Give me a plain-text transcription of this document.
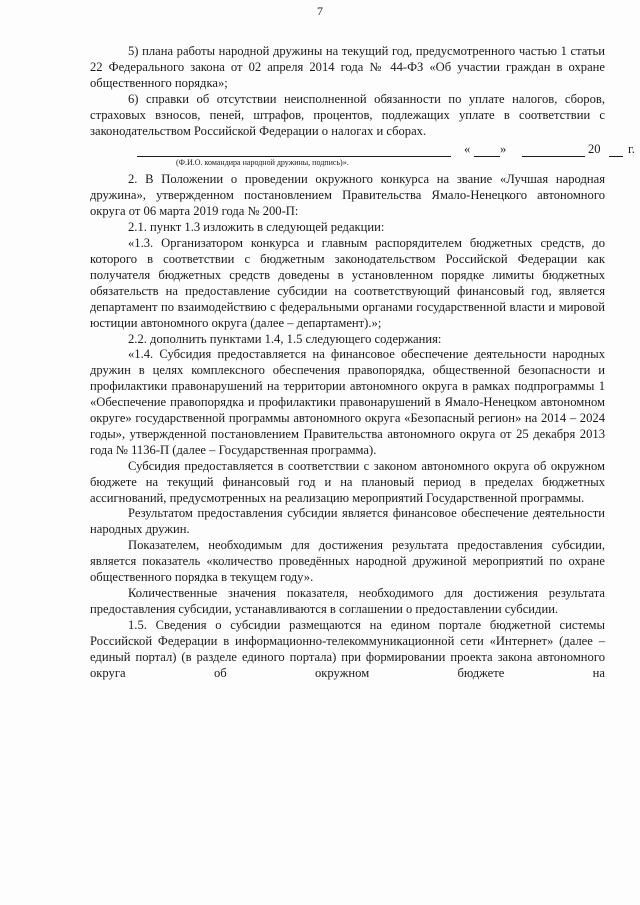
7

5) плана работы народной дружины на текущий год, предусмотренного частью 1 статьи 22 Федерального закона от 02 апреля 2014 года № 44-ФЗ «Об участии граждан в охране общественного порядка»;

6) справки об отсутствии неисполненной обязанности по уплате налогов, сборов, страховых взносов, пеней, штрафов, процентов, подлежащих уплате в соответствии с законодательством Российской Федерации о налогах и сборах.

« »	20 г.
(Ф.И.О. командира народной дружины, подпись)».

2. В Положении о проведении окружного конкурса на звание «Лучшая народная дружина», утвержденном постановлением Правительства Ямало-Ненецкого автономного округа от 06 марта 2019 года № 200-П:

2.1. пункт 1.3 изложить в следующей редакции:

«1.3. Организатором конкурса и главным распорядителем бюджетных средств, до которого в соответствии с бюджетным законодательством Российской Федерации как получателя бюджетных средств доведены в установленном порядке лимиты бюджетных обязательств на предоставление субсидии на соответствующий финансовый год, является департамент по взаимодействию с федеральными органами государственной власти и мировой юстиции автономного округа (далее – департамент).»;

2.2. дополнить пунктами 1.4, 1.5 следующего содержания:

«1.4. Субсидия предоставляется на финансовое обеспечение деятельности народных дружин в целях комплексного обеспечения правопорядка, общественной безопасности и профилактики правонарушений на территории автономного округа в рамках подпрограммы 1 «Обеспечение правопорядка и профилактики правонарушений в Ямало-Ненецком автономном округе» государственной программы автономного округа «Безопасный регион» на 2014 – 2024 годы», утвержденной постановлением Правительства автономного округа от 25 декабря 2013 года № 1136-П (далее – Государственная программа).

Субсидия предоставляется в соответствии с законом автономного округа об окружном бюджете на текущий финансовый год и на плановый период в пределах бюджетных ассигнований, предусмотренных на реализацию мероприятий Государственной программы.

Результатом предоставления субсидии является финансовое обеспечение деятельности народных дружин.

Показателем, необходимым для достижения результата предоставления субсидии, является показатель «количество проведённых народной дружиной мероприятий по охране общественного порядка в текущем году».

Количественные значения показателя, необходимого для достижения результата предоставления субсидии, устанавливаются в соглашении о предоставлении субсидии.

1.5. Сведения о субсидии размещаются на едином портале бюджетной системы Российской Федерации в информационно-телекоммуникационной сети «Интернет» (далее – единый портал) (в разделе единого портала) при формировании проекта закона автономного округа об окружном бюджете на
